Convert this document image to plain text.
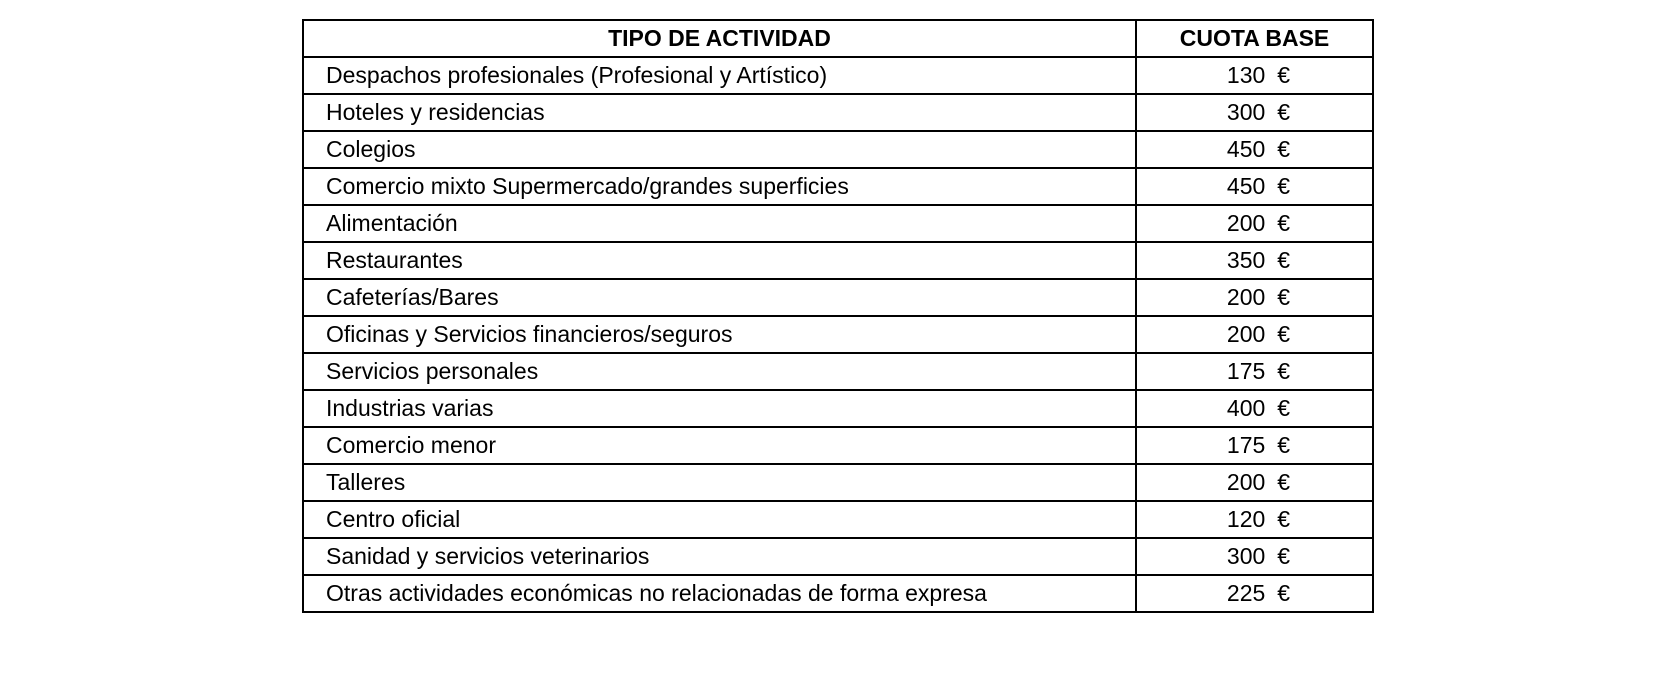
TIPO DE ACTIVIDAD	CUOTA BASE
Despachos profesionales (Profesional y Artístico)	130 €
Hoteles y residencias	300 €
Colegios	450 €
Comercio mixto Supermercado/grandes superficies	450 €
Alimentación	200 €
Restaurantes	350 €
Cafeterías/Bares	200 €
Oficinas y Servicios financieros/seguros	200 €
Servicios personales	175 €
Industrias varias	400 €
Comercio menor	175 €
Talleres	200 €
Centro oficial	120 €
Sanidad y servicios veterinarios	300 €
Otras actividades económicas no relacionadas de forma expresa	225 €
